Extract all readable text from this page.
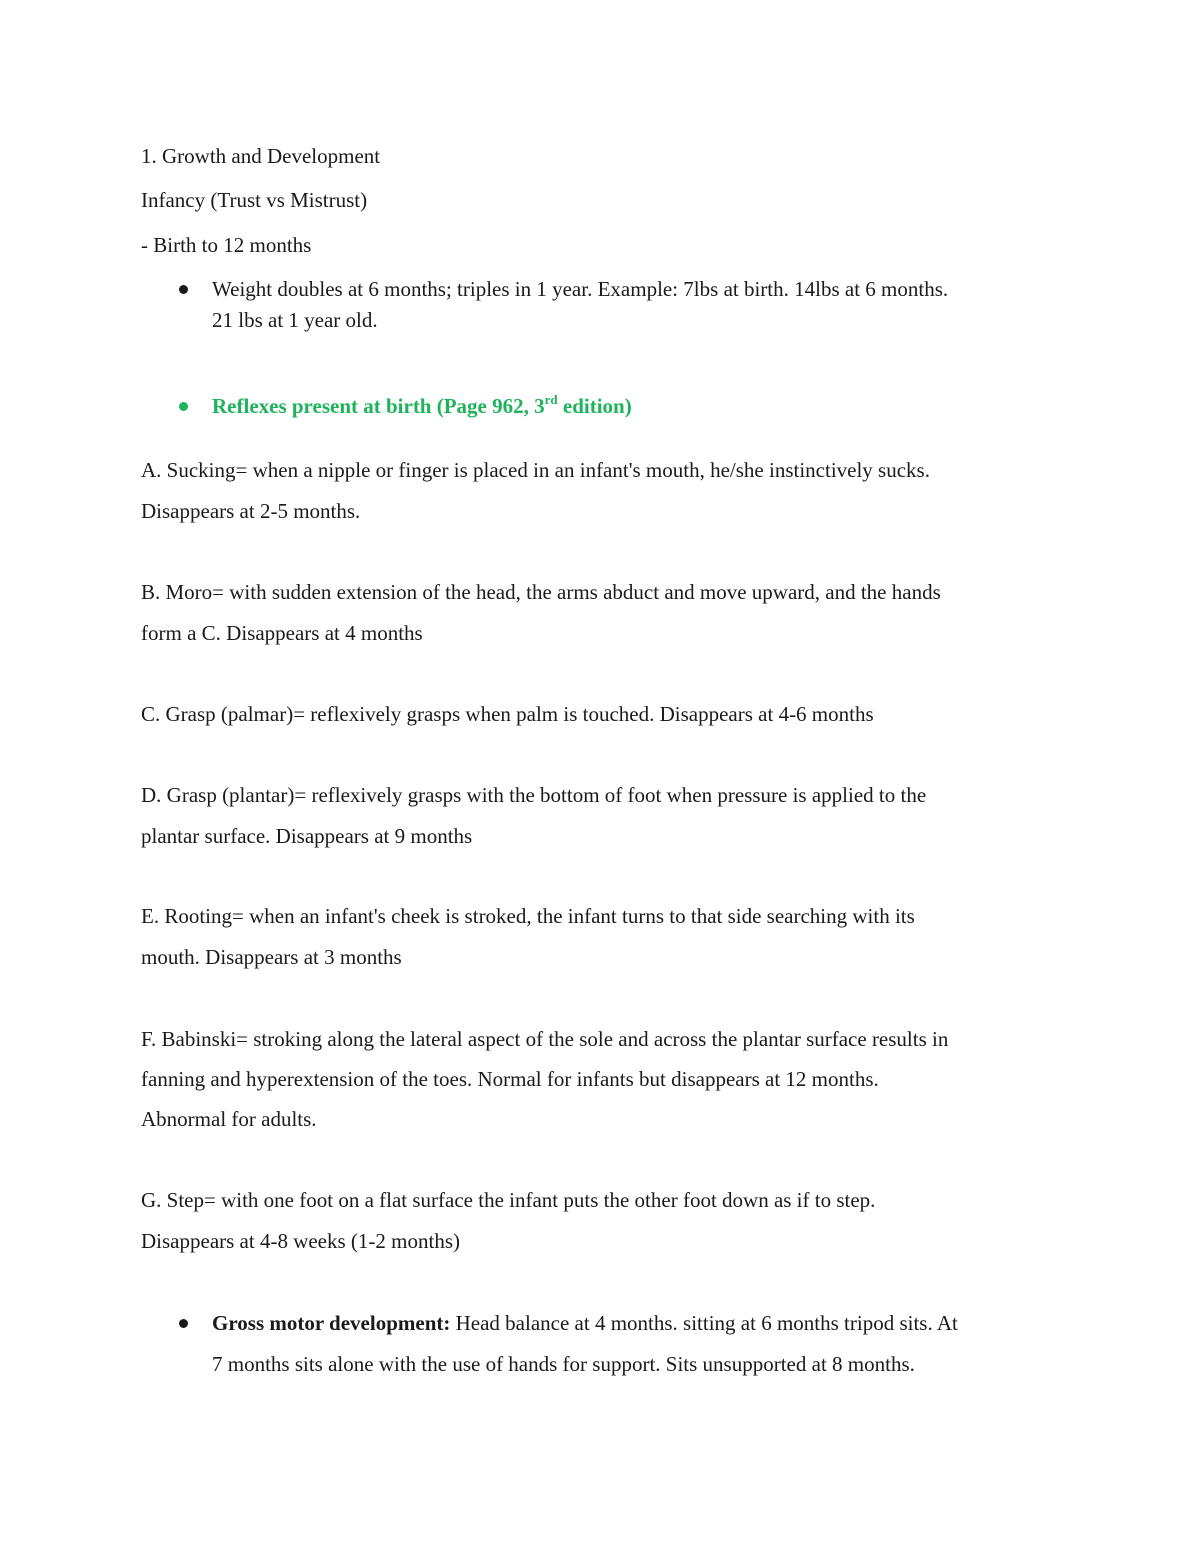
1. Growth and Development
Infancy (Trust vs Mistrust)
- Birth to 12 months
Weight doubles at 6 months; triples in 1 year. Example: 7lbs at birth. 14lbs at 6 months.
21 lbs at 1 year old.
Reflexes present at birth (Page 962, 3rd edition)
A. Sucking= when a nipple or finger is placed in an infant's mouth, he/she instinctively sucks.
Disappears at 2-5 months.
B. Moro= with sudden extension of the head, the arms abduct and move upward, and the hands
form a C. Disappears at 4 months
C. Grasp (palmar)= reflexively grasps when palm is touched. Disappears at 4-6 months
D. Grasp (plantar)= reflexively grasps with the bottom of foot when pressure is applied to the
plantar surface. Disappears at 9 months
E. Rooting= when an infant's cheek is stroked, the infant turns to that side searching with its
mouth. Disappears at 3 months
F. Babinski= stroking along the lateral aspect of the sole and across the plantar surface results in
fanning and hyperextension of the toes. Normal for infants but disappears at 12 months.
Abnormal for adults.
G. Step= with one foot on a flat surface the infant puts the other foot down as if to step.
Disappears at 4-8 weeks (1-2 months)
Gross motor development: Head balance at 4 months. sitting at 6 months tripod sits. At
7 months sits alone with the use of hands for support. Sits unsupported at 8 months.
